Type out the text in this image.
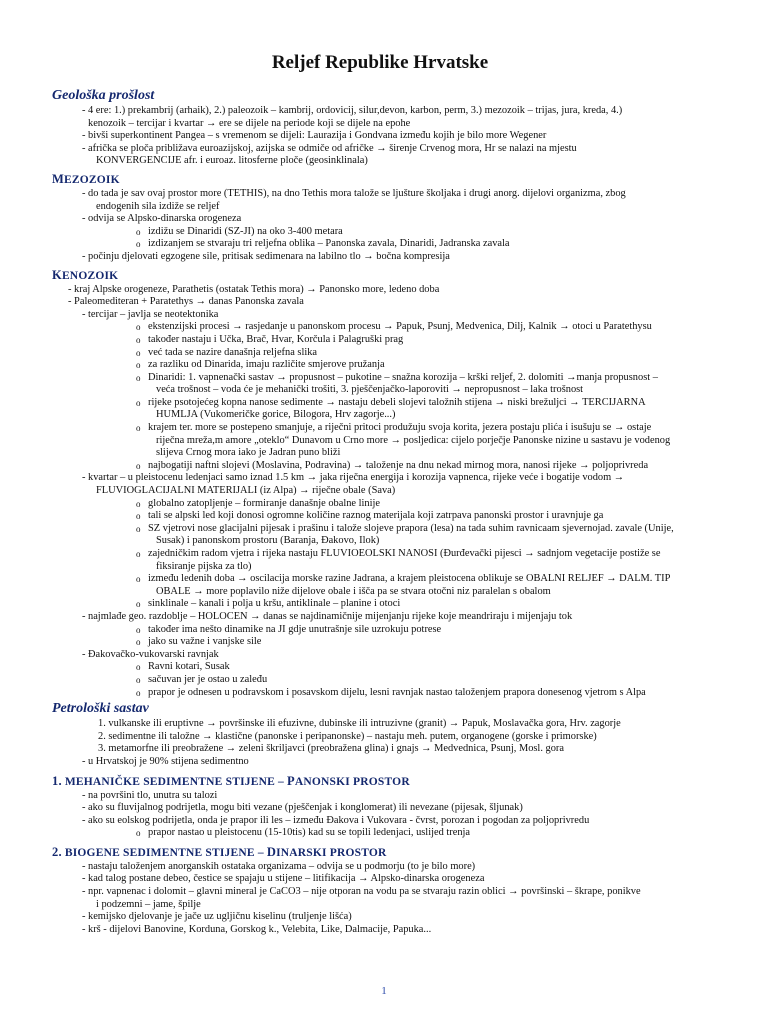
Reljef Republike Hrvatske
Geološka prošlost
- 4 ere: 1.) prekambrij (arhaik), 2.) paleozoik – kambrij, ordovicij, silur,devon, karbon, perm, 3.) mezozoik – trijas, jura, kreda, 4.)
kenozoik – tercijar i kvartar → ere se dijele na periode koji se dijele na epohe
- bivši superkontinent Pangea – s vremenom se dijeli: Laurazija i Gondvana između kojih je bilo more Wegener
- afrička se ploča približava euroazijskoj, azijska se odmiče od afričke → širenje Crvenog mora, Hr se nalazi na mjestu
KONVERGENCIJE afr. i euroaz. litosferne ploče (geosinklinala)
MEZOZOIK
- do tada je sav ovaj prostor more (TETHIS), na dno Tethis mora talože se ljušture školjaka i drugi anorg. dijelovi organizma, zbog
endogenih sila izdiže se reljef
- odvija se Alpsko-dinarska orogeneza
o izdižu se Dinaridi (SZ-JI) na oko 3-400 metara
o izdizanjem se stvaraju tri reljefna oblika – Panonska zavala, Dinaridi, Jadranska zavala
- počinju djelovati egzogene sile, pritisak sedimenara na labilno tlo → bočna kompresija
KENOZOIK
- kraj Alpske orogeneze, Parathetis (ostatak Tethis mora) → Panonsko more, ledeno doba
- Paleomediteran + Paratethys → danas Panonska zavala
- tercijar – javlja se neotektonika
o ekstenzijski procesi → rasjedanje u panonskom procesu → Papuk, Psunj, Medvenica, Dilj, Kalnik → otoci u Paratethysu
o također nastaju i Učka, Brač, Hvar, Korčula i Palagruški prag
o već tada se nazire današnja reljefna slika
o za razliku od Dinarida, imaju različite smjerove pružanja
o Dinaridi: 1. vapnenački sastav → propusnost – pukotine – snažna korozija – krški reljef, 2. dolomiti →manja propusnost –
veća trošnost – voda će je mehanički trošiti, 3. pješčenjačko-laporoviti → nepropusnost – laka trošnost
o rijeke psotojećeg kopna nanose sedimente → nastaju debeli slojevi taložnih stijena → niski brežuljci → TERCIJARNA
HUMLJA (Vukomeričke gorice, Bilogora, Hrv zagorje...)
o krajem ter. more se postepeno smanjuje, a riječni pritoci produžuju svoja korita, jezera postaju plića i isušuju se → ostaje
riječna mreža,m amore „oteklo“ Dunavom u Crno more → posljedica: cijelo porječje Panonske nizine u sastavu je vodenog
slijeva Crnog mora iako je Jadran puno bliži
o najbogatiji naftni slojevi (Moslavina, Podravina) → taloženje na dnu nekad mirnog mora, nanosi rijeke → poljoprivreda
- kvartar – u pleistocenu ledenjaci samo iznad 1.5 km → jaka riječna energija i korozija vapnenca, rijeke veće i bogatije vodom →
FLUVIOGLACIJALNI MATERIJALI (iz Alpa) → riječne obale (Sava)
o globalno zatopljenje – formiranje današnje obalne linije
o tali se alpski led koji donosi ogromne količine raznog materijala koji zatrpava panonski prostor i uravnjuje ga
o SZ vjetrovi nose glacijalni pijesak i prašinu i talože slojeve prapora (lesa) na tada suhim ravnicaam sjevernojad. zavale (Unije,
Susak) i panonskom prostoru (Baranja, Đakovo, Ilok)
o zajedničkim radom vjetra i rijeka nastaju FLUVIOEOLSKI NANOSI (Đurđevački pijesci → sadnjom vegetacije postiže se
fiksiranje pijska za tlo)
o između ledenih doba → oscilacija morske razine Jadrana, a krajem pleistocena oblikuje se OBALNI RELJEF → DALM. TIP
OBALE → more poplavilo niže dijelove obale i išča pa se stvara otočni niz paralelan s obalom
o sinklinale – kanali i polja u kršu, antiklinale – planine i otoci
- najmlađe geo. razdoblje – HOLOCEN → danas se najdinamičnije mijenjanju rijeke koje meandriraju i mijenjaju tok
o također ima nešto dinamike na JI gdje unutrašnje sile uzrokuju potrese
o jako su važne i vanjske sile
- Đakovačko-vukovarski ravnjak
o Ravni kotari, Susak
o sačuvan jer je ostao u zaleđu
o prapor je odnesen u podravskom i posavskom dijelu, lesni ravnjak nastao taloženjem prapora donesenog vjetrom s Alpa
Petrološki sastav
1. vulkanske ili eruptivne → površinske ili efuzivne, dubinske ili intruzivne (granit) → Papuk, Moslavačka gora, Hrv. zagorje
2. sedimentne ili taložne → klastične (panonske i peripanonske) – nastaju meh. putem, organogene (gorske i primorske)
3. metamorfne ili preobražene → zeleni škriljavci (preobražena glina) i gnajs → Medvednica, Psunj, Mosl. gora
- u Hrvatskoj je 90% stijena sedimentno
1. MEHANIČKE SEDIMENTNE STIJENE – PANONSKI PROSTOR
- na površini tlo, unutra su talozi
- ako su fluvijalnog podrijetla, mogu biti vezane (pješčenjak i konglomerat) ili nevezane (pijesak, šljunak)
- ako su eolskog podrijetla, onda je prapor ili les – između Đakova i Vukovara - čvrst, porozan i pogodan za poljoprivredu
o prapor nastao u pleistocenu (15-10tis) kad su se topili ledenjaci, uslijed trenja
2. BIOGENE SEDIMENTNE STIJENE – DINARSKI PROSTOR
- nastaju taloženjem anorganskih ostataka organizama – odvija se u podmorju (to je bilo more)
- kad talog postane debeo, čestice se spajaju u stijene – litifikacija → Alpsko-dinarska orogeneza
- npr. vapnenac i dolomit – glavni mineral je CaCO3 – nije otporan na vodu pa se stvaraju razin oblici → površinski – škrape, ponikve
i podzemni – jame, špilje
- kemijsko djelovanje je jače uz ugljičnu kiselinu (truljenje lišća)
- krš - dijelovi Banovine, Korduna, Gorskog k., Velebita, Like, Dalmacije, Papuka...
1
